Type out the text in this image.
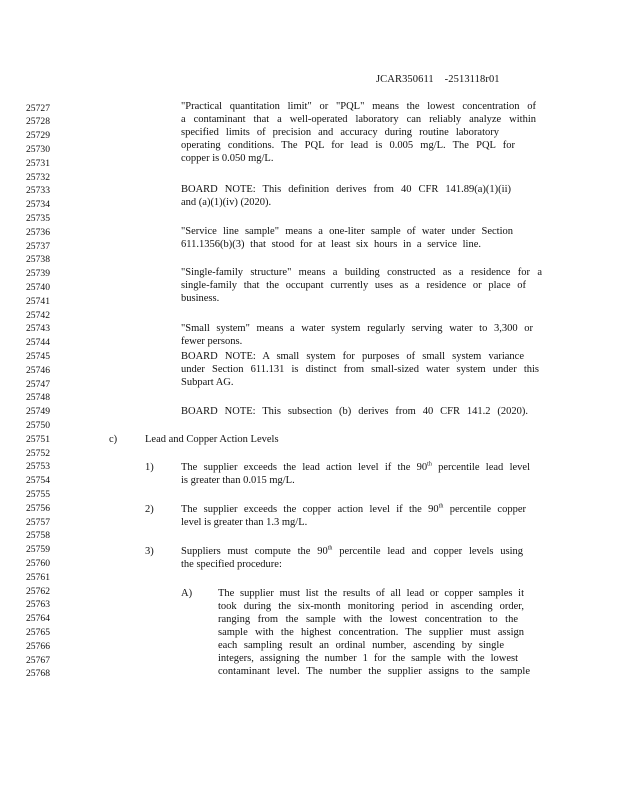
JCAR350611    -2513118r01
25727
25728
25729
25730
25731
25732
25733
25734
25735
25736
25737
25738
25739
25740
25741
25742
25743
25744
25745
25746
25747
25748
25749
25750
25751
25752
25753
25754
25755
25756
25757
25758
25759
25760
25761
25762
25763
25764
25765
25766
25767
25768
"Practical quantitation limit" or "PQL" means the lowest concentration of
a contaminant that a well-operated laboratory can reliably analyze within
specified limits of precision and accuracy during routine laboratory
operating conditions. The PQL for lead is 0.005 mg/L. The PQL for
copper is 0.050 mg/L.
BOARD NOTE: This definition derives from 40 CFR 141.89(a)(1)(ii)
and (a)(1)(iv) (2020).
"Service line sample" means a one-liter sample of water under Section
611.1356(b)(3) that stood for at least six hours in a service line.
"Single-family structure" means a building constructed as a residence for a
single-family that the occupant currently uses as a residence or place of
business.
"Small system" means a water system regularly serving water to 3,300 or
fewer persons.
BOARD NOTE: A small system for purposes of small system variance
under Section 611.131 is distinct from small-sized water system under this
Subpart AG.
BOARD NOTE: This subsection (b) derives from 40 CFR 141.2 (2020).
c)	Lead and Copper Action Levels
1)	The supplier exceeds the lead action level if the 90th percentile lead level
is greater than 0.015 mg/L.
2)	The supplier exceeds the copper action level if the 90th percentile copper
level is greater than 1.3 mg/L.
3)	Suppliers must compute the 90th percentile lead and copper levels using
the specified procedure:
A) The supplier must list the results of all lead or copper samples it
took during the six-month monitoring period in ascending order,
ranging from the sample with the lowest concentration to the
sample with the highest concentration. The supplier must assign
each sampling result an ordinal number, ascending by single
integers, assigning the number 1 for the sample with the lowest
contaminant level. The number the supplier assigns to the sample
